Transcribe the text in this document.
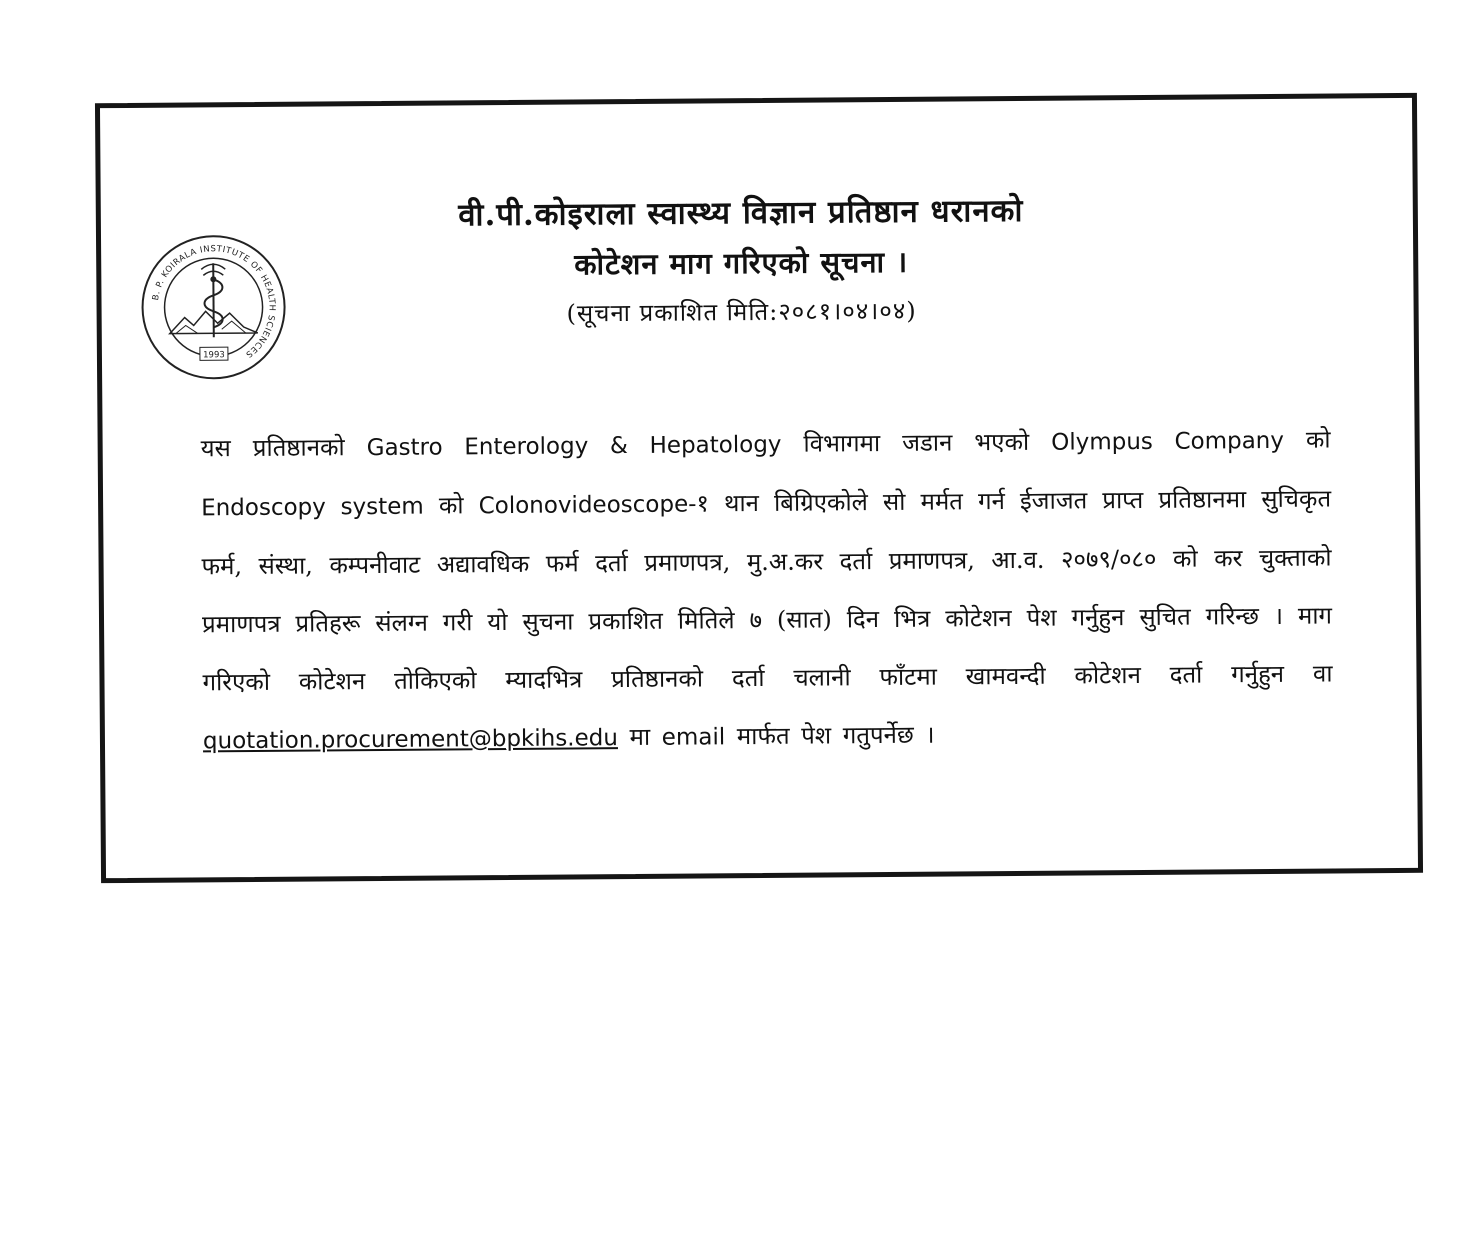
B. P. KOIRALA INSTITUTE OF HEALTH SCIENCES
1993

वी.पी.कोइराला स्वास्थ्य विज्ञान प्रतिष्ठान धरानको

कोटेशन माग गरिएको सूचना ।

(सूचना प्रकाशित मिति:२०८१।०४।०४)
यस प्रतिष्ठानको Gastro Enterology & Hepatology विभागमा जडान भएको Olympus Company को Endoscopy system को Colonovideoscope-१ थान बिग्रिएकोले सो मर्मत गर्न ईजाजत प्राप्त प्रतिष्ठानमा सुचिकृत फर्म, संस्था, कम्पनीवाट अद्यावधिक फर्म दर्ता प्रमाणपत्र, मु.अ.कर दर्ता प्रमाणपत्र, आ.व. २०७९/०८० को कर चुक्ताको प्रमाणपत्र प्रतिहरू संलग्न गरी यो सुचना प्रकाशित मितिले ७ (सात) दिन भित्र कोटेशन पेश गर्नुहुन सुचित गरिन्छ । माग गरिएको कोटेशन तोकिएको म्यादभित्र प्रतिष्ठानको दर्ता चलानी फाँटमा खामवन्दी कोटेशन दर्ता गर्नुहुन वा quotation.procurement@bpkihs.edu मा email मार्फत पेश गतुपर्नेछ ।
